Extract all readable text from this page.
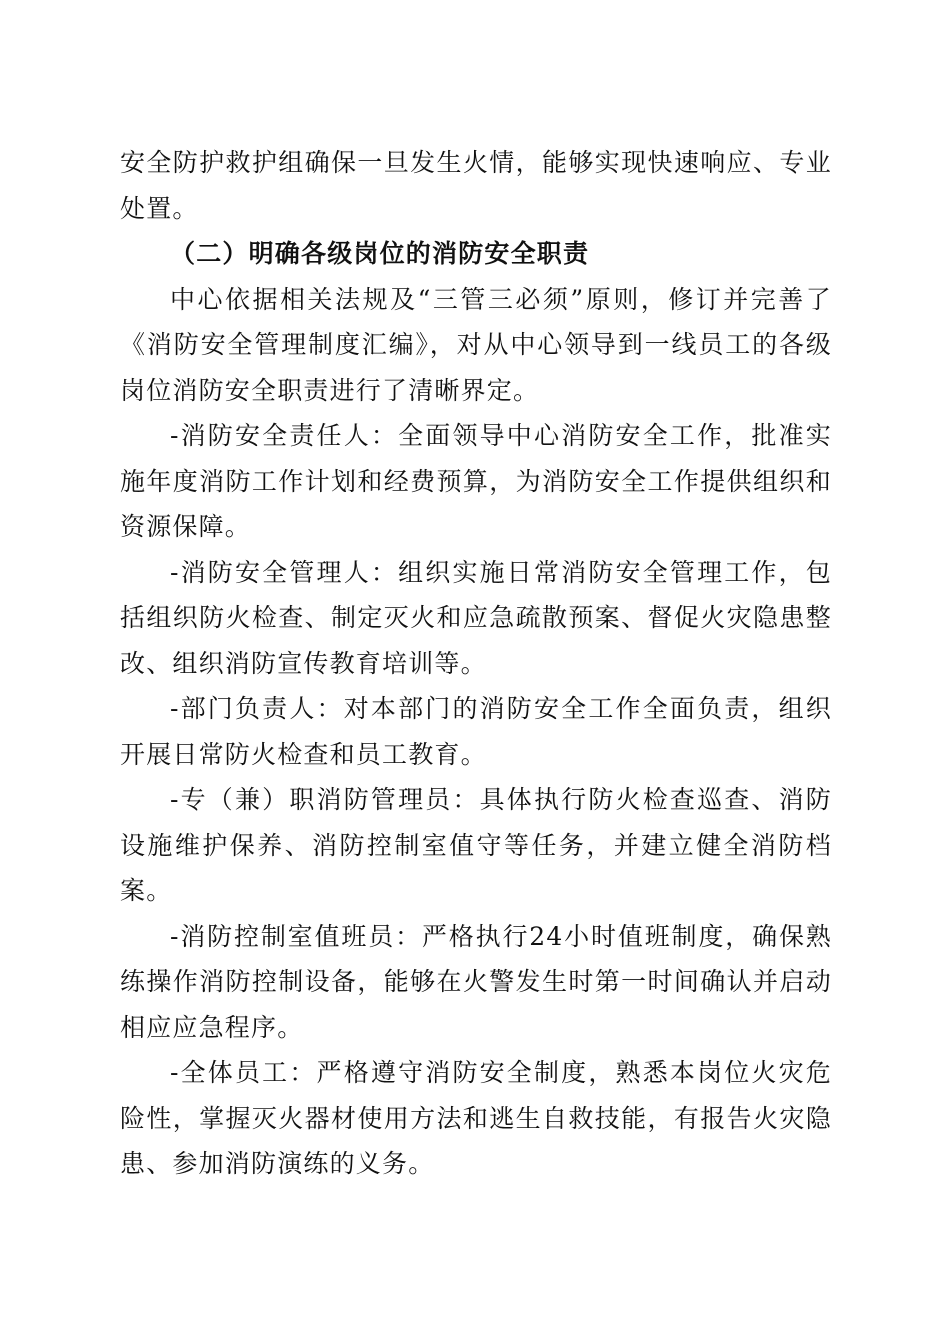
安全防护救护组确保一旦发生火情，能够实现快速响应、专业处置。

（二）明确各级岗位的消防安全职责

中心依据相关法规及“三管三必须”原则，修订并完善了《消防安全管理制度汇编》，对从中心领导到一线员工的各级岗位消防安全职责进行了清晰界定。

-消防安全责任人：全面领导中心消防安全工作，批准实施年度消防工作计划和经费预算，为消防安全工作提供组织和资源保障。

-消防安全管理人：组织实施日常消防安全管理工作，包括组织防火检查、制定灭火和应急疏散预案、督促火灾隐患整改、组织消防宣传教育培训等。

-部门负责人：对本部门的消防安全工作全面负责，组织开展日常防火检查和员工教育。

-专（兼）职消防管理员：具体执行防火检查巡查、消防设施维护保养、消防控制室值守等任务，并建立健全消防档案。

-消防控制室值班员：严格执行24小时值班制度，确保熟练操作消防控制设备，能够在火警发生时第一时间确认并启动相应应急程序。

-全体员工：严格遵守消防安全制度，熟悉本岗位火灾危险性，掌握灭火器材使用方法和逃生自救技能，有报告火灾隐患、参加消防演练的义务。
